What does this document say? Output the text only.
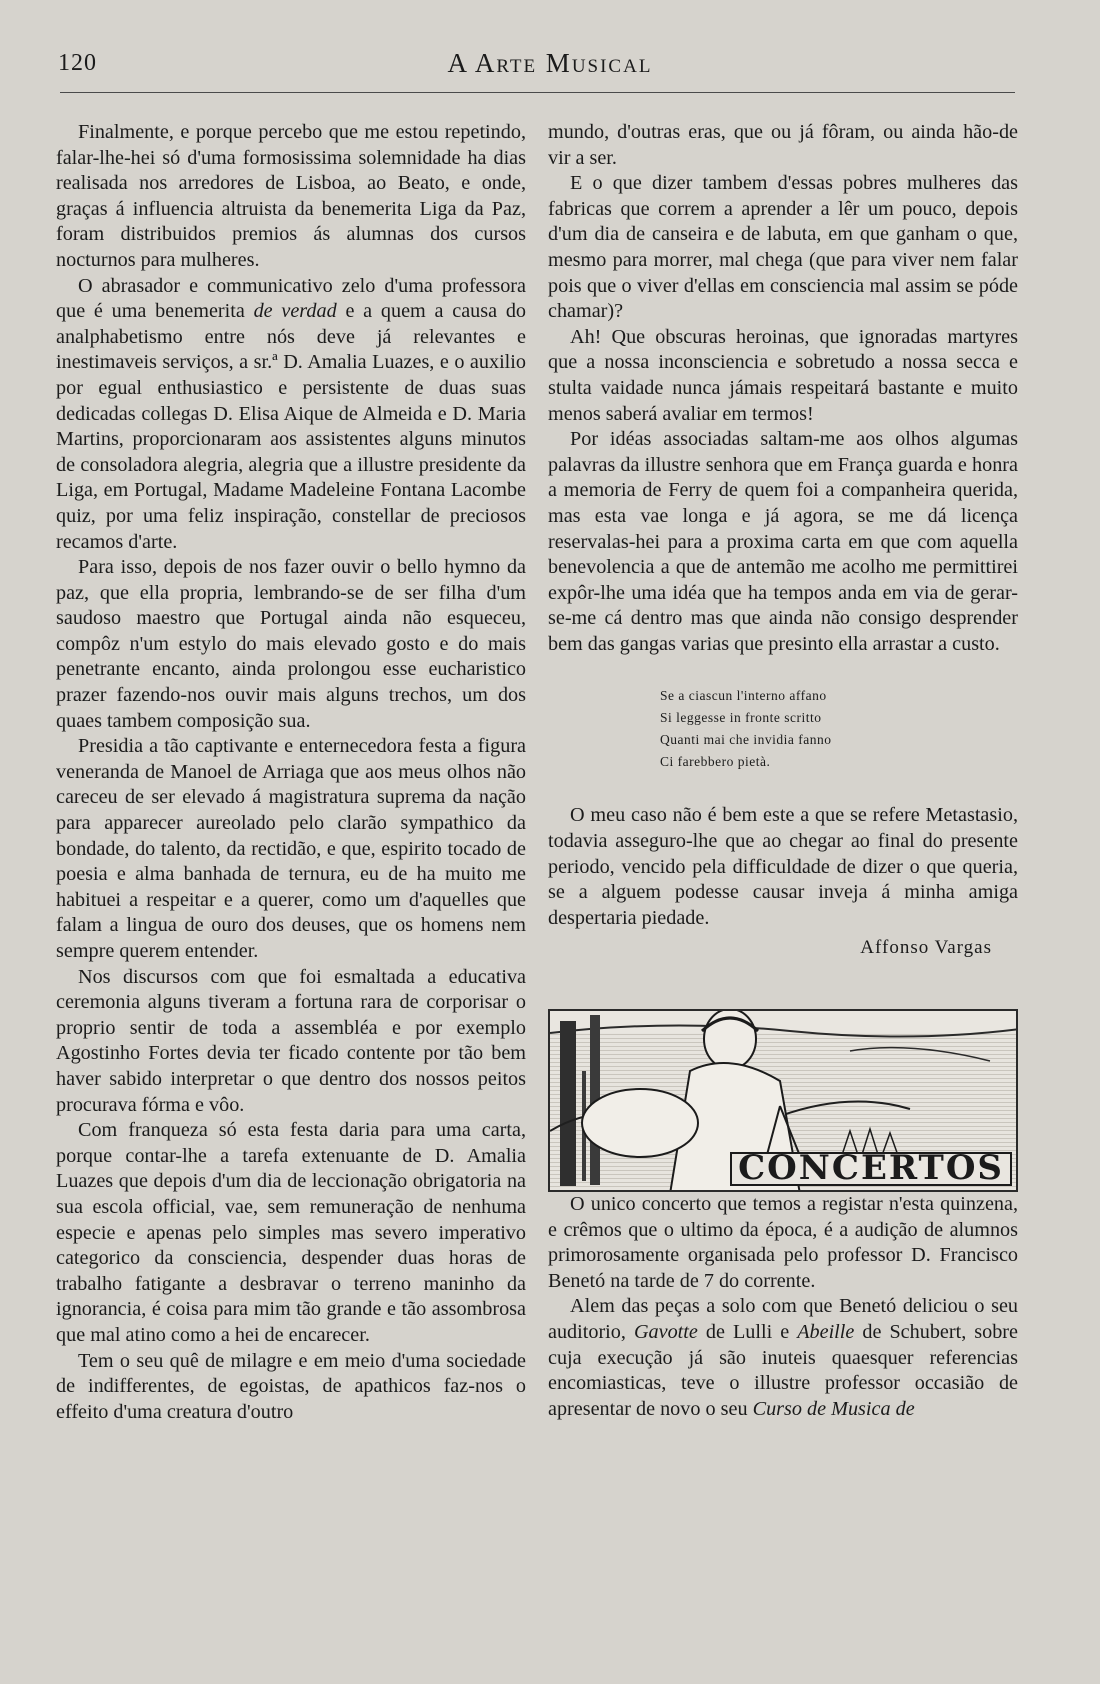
120	A Arte Musical

Finalmente, e porque percebo que me estou repetindo, falar-lhe-hei só d'uma formosissima solemnidade ha dias realisada nos arredores de Lisboa, ao Beato, e onde, graças á influencia altruista da benemerita Liga da Paz, foram distribuidos premios ás alumnas dos cursos nocturnos para mulheres.

O abrasador e communicativo zelo d'uma professora que é uma benemerita de verdad e a quem a causa do analphabetismo entre nós deve já relevantes e inestimaveis serviços, a sr.ª D. Amalia Luazes, e o auxilio por egual enthusiastico e persistente de duas suas dedicadas collegas D. Elisa Aique de Almeida e D. Maria Martins, proporcionaram aos assistentes alguns minutos de consoladora alegria, alegria que a illustre presidente da Liga, em Portugal, Madame Madeleine Fontana Lacombe quiz, por uma feliz inspiração, constellar de preciosos recamos d'arte.

Para isso, depois de nos fazer ouvir o bello hymno da paz, que ella propria, lembrando-se de ser filha d'um saudoso maestro que Portugal ainda não esqueceu, compôz n'um estylo do mais elevado gosto e do mais penetrante encanto, ainda prolongou esse eucharistico prazer fazendo-nos ouvir mais alguns trechos, um dos quaes tambem composição sua.

Presidia a tão captivante e enternecedora festa a figura veneranda de Manoel de Arriaga que aos meus olhos não careceu de ser elevado á magistratura suprema da nação para apparecer aureolado pelo clarão sympathico da bondade, do talento, da rectidão, e que, espirito tocado de poesia e alma banhada de ternura, eu de ha muito me habituei a respeitar e a querer, como um d'aquelles que falam a lingua de ouro dos deuses, que os homens nem sempre querem entender.

Nos discursos com que foi esmaltada a educativa ceremonia alguns tiveram a fortuna rara de corporisar o proprio sentir de toda a assembléa e por exemplo Agostinho Fortes devia ter ficado contente por tão bem haver sabido interpretar o que dentro dos nossos peitos procurava fórma e vôo.

Com franqueza só esta festa daria para uma carta, porque contar-lhe a tarefa extenuante de D. Amalia Luazes que depois d'um dia de leccionação obrigatoria na sua escola official, vae, sem remuneração de nenhuma especie e apenas pelo simples mas severo imperativo categorico da consciencia, despender duas horas de trabalho fatigante a desbravar o terreno maninho da ignorancia, é coisa para mim tão grande e tão assombrosa que mal atino como a hei de encarecer.

Tem o seu quê de milagre e em meio d'uma sociedade de indifferentes, de egoistas, de apathicos faz-nos o effeito d'uma creatura d'outro

mundo, d'outras eras, que ou já fôram, ou ainda hão-de vir a ser.

E o que dizer tambem d'essas pobres mulheres das fabricas que correm a aprender a lêr um pouco, depois d'um dia de canseira e de labuta, em que ganham o que, mesmo para morrer, mal chega (que para viver nem falar pois que o viver d'ellas em consciencia mal assim se póde chamar)?

Ah! Que obscuras heroinas, que ignoradas martyres que a nossa inconsciencia e sobretudo a nossa secca e stulta vaidade nunca jámais respeitará bastante e muito menos saberá avaliar em termos!

Por idéas associadas saltam-me aos olhos algumas palavras da illustre senhora que em França guarda e honra a memoria de Ferry de quem foi a companheira querida, mas esta vae longa e já agora, se me dá licença reservalas-hei para a proxima carta em que com aquella benevolencia a que de antemão me acolho me permittirei expôr-lhe uma idéa que ha tempos anda em via de gerar-se-me cá dentro mas que ainda não consigo desprender bem das gangas varias que presinto ella arrastar a custo.

Se a ciascun l'interno affano
Si leggesse in fronte scritto
Quanti mai che invidia fanno
Ci farebbero pietà.

O meu caso não é bem este a que se refere Metastasio, todavia asseguro-lhe que ao chegar ao final do presente periodo, vencido pela difficuldade de dizer o que queria, se a alguem podesse causar inveja á minha amiga despertaria piedade.

Affonso Vargas
CONCERTOS

O unico concerto que temos a registar n'esta quinzena, e crêmos que o ultimo da época, é a audição de alumnos primorosamente organisada pelo professor D. Francisco Benetó na tarde de 7 do corrente.

Alem das peças a solo com que Benetó deliciou o seu auditorio, Gavotte de Lulli e Abeille de Schubert, sobre cuja execução já são inuteis quaesquer referencias encomiasticas, teve o illustre professor occasião de apresentar de novo o seu Curso de Musica de
